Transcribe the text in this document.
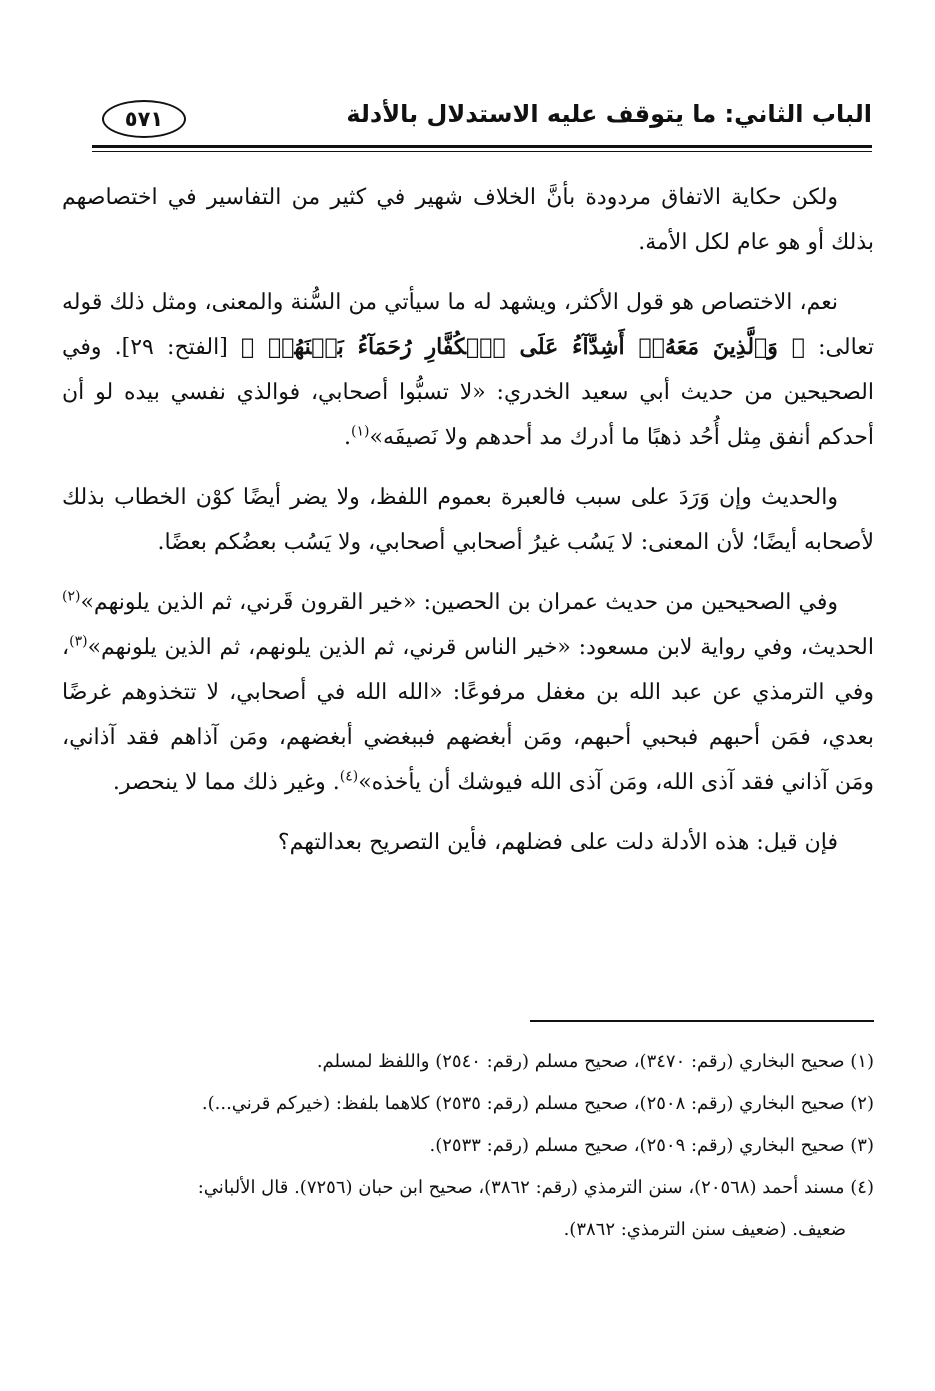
الباب الثاني: ما يتوقف عليه الاستدلال بالأدلة
٥٧١

ولكن حكاية الاتفاق مردودة بأنَّ الخلاف شهير في كثير من التفاسير في اختصاصهم بذلك أو هو عام لكل الأمة.

نعم، الاختصاص هو قول الأكثر، ويشهد له ما سيأتي من السُّنة والمعنى، ومثل ذلك قوله تعالى: ﴿ وَٱلَّذِينَ مَعَهُۥٓ أَشِدَّآءُ عَلَى ٱلۡكُفَّارِ رُحَمَآءُ بَيۡنَهُمۡ ﴾ [الفتح: ٢٩]. وفي الصحيحين من حديث أبي سعيد الخدري: «لا تسبُّوا أصحابي، فوالذي نفسي بيده لو أن أحدكم أنفق مِثل أُحُد ذهبًا ما أدرك مد أحدهم ولا نَصيفَه»$^{(١)}$.

والحديث وإن وَرَدَ على سبب فالعبرة بعموم اللفظ، ولا يضر أيضًا كوْن الخطاب بذلك لأصحابه أيضًا؛ لأن المعنى: لا يَسُب غيرُ أصحابي أصحابي، ولا يَسُب بعضُكم بعضًا.

وفي الصحيحين من حديث عمران بن الحصين: «خير القرون قَرني، ثم الذين يلونهم»$^{(٢)}$ الحديث، وفي رواية لابن مسعود: «خير الناس قرني، ثم الذين يلونهم، ثم الذين يلونهم»$^{(٣)}$، وفي الترمذي عن عبد الله بن مغفل مرفوعًا: «الله الله في أصحابي، لا تتخذوهم غرضًا بعدي، فمَن أحبهم فبحبي أحبهم، ومَن أبغضهم فببغضي أبغضهم، ومَن آذاهم فقد آذاني، ومَن آذاني فقد آذى الله، ومَن آذى الله فيوشك أن يأخذه»$^{(٤)}$. وغير ذلك مما لا ينحصر.

فإن قيل: هذه الأدلة دلت على فضلهم، فأين التصريح بعدالتهم؟

(١) صحيح البخاري (رقم: ٣٤٧٠)، صحيح مسلم (رقم: ٢٥٤٠) واللفظ لمسلم.

(٢) صحيح البخاري (رقم: ٢٥٠٨)، صحيح مسلم (رقم: ٢٥٣٥) كلاهما بلفظ: (خيركم قرني...).

(٣) صحيح البخاري (رقم: ٢٥٠٩)، صحيح مسلم (رقم: ٢٥٣٣).

(٤) مسند أحمد (٢٠٥٦٨)، سنن الترمذي (رقم: ٣٨٦٢)، صحيح ابن حبان (٧٢٥٦). قال الألباني:

ضعيف. (ضعيف سنن الترمذي: ٣٨٦٢).
